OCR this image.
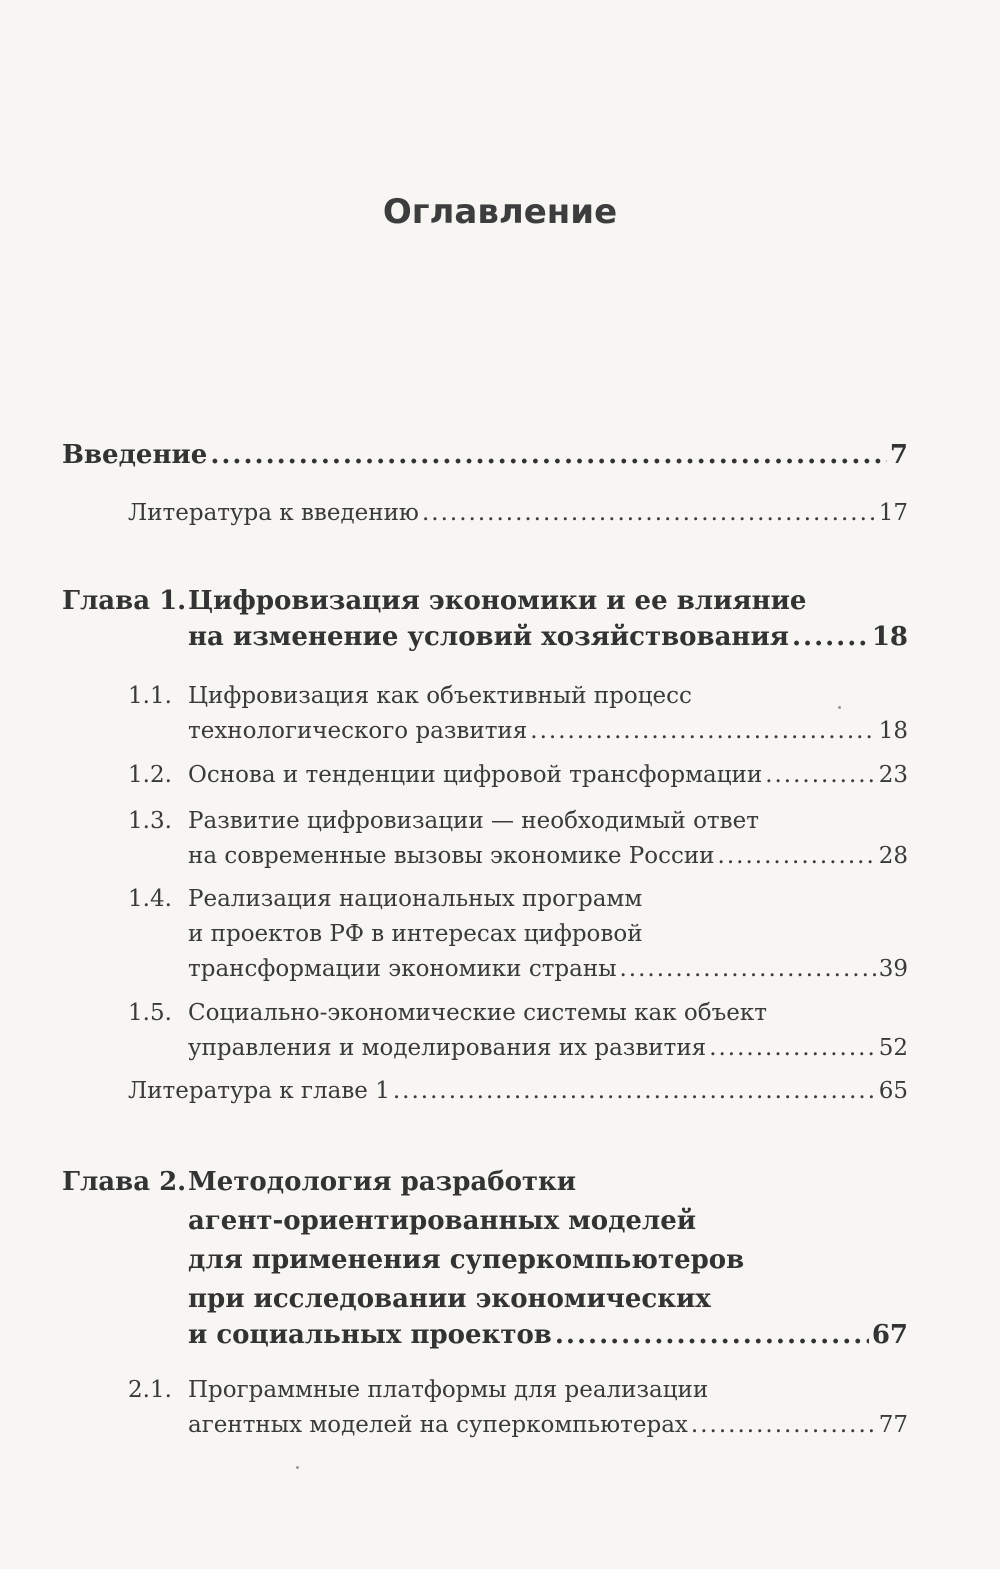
Оглавление
Введение .....	7
Литература к введению .....	17
Глава 1. Цифровизация экономики и ее влияние
на изменение условий хозяйствования .....	18
1.1. Цифровизация как объективный процесс
технологического развития .....	18
1.2. Основа и тенденции цифровой трансформации .....	23
1.3. Развитие цифровизации — необходимый ответ
на современные вызовы экономике России .....	28
1.4. Реализация национальных программ
и проектов РФ в интересах цифровой
трансформации экономики страны .....	39
1.5. Социально-экономические системы как объект
управления и моделирования их развития .....	52
Литература к главе 1 .....	65
Глава 2. Методология разработки
агент-ориентированных моделей
для применения суперкомпьютеров
при исследовании экономических
и социальных проектов .....	67
2.1. Программные платформы для реализации
агентных моделей на суперкомпьютерах .....	77
